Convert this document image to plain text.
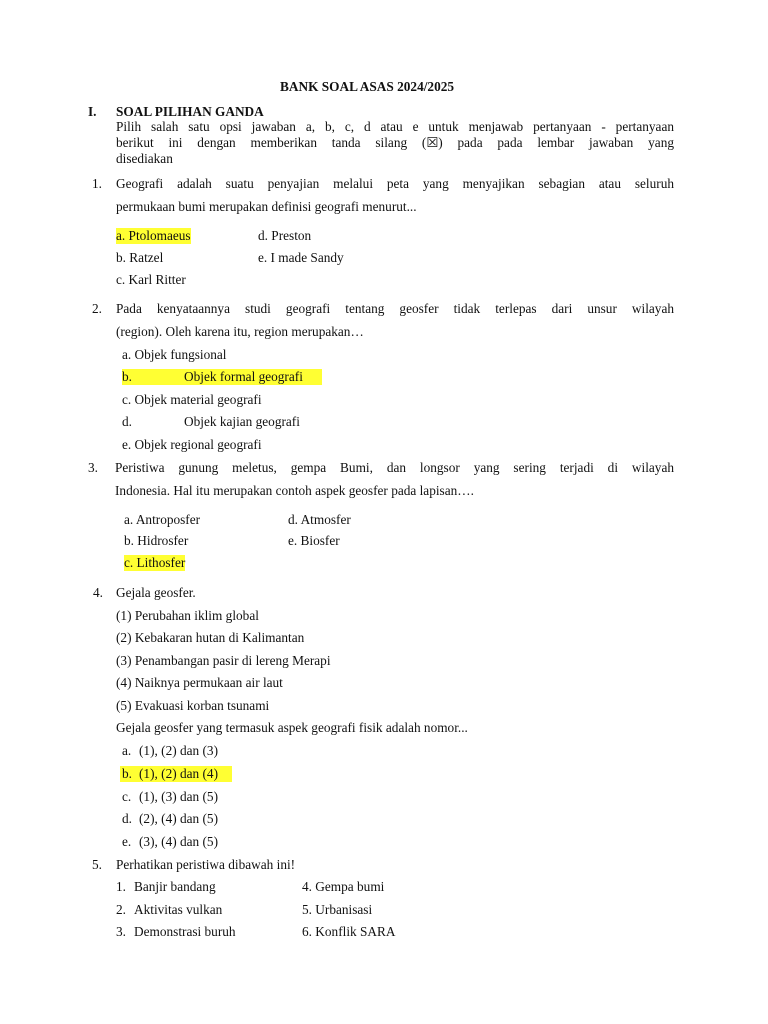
BANK SOAL ASAS 2024/2025
I. SOAL PILIHAN GANDA
Pilih salah satu opsi jawaban a, b, c, d atau e untuk menjawab pertanyaan - pertanyaan
berikut ini dengan memberikan tanda silang (☒) pada pada lembar jawaban yang
disediakan
1. Geografi adalah suatu penyajian melalui peta yang menyajikan sebagian atau seluruh
permukaan bumi merupakan definisi geografi menurut...
a. Ptolomaeus
b. Ratzel
c. Karl Ritter
d. Preston
e. I made Sandy
2. Pada kenyataannya studi geografi tentang geosfer tidak terlepas dari unsur wilayah
(region). Oleh karena itu, region merupakan…
a. Objek fungsional
b.	Objek formal geografi
c. Objek material geografi
d.	Objek kajian geografi
e. Objek regional geografi
3. Peristiwa gunung meletus, gempa Bumi, dan longsor yang sering terjadi di wilayah
Indonesia. Hal itu merupakan contoh aspek geosfer pada lapisan….
a. Antroposfer
b. Hidrosfer
c. Lithosfer
d. Atmosfer
e. Biosfer
4. Gejala geosfer.
(1) Perubahan iklim global
(2) Kebakaran hutan di Kalimantan
(3) Penambangan pasir di lereng Merapi
(4) Naiknya permukaan air laut
(5) Evakuasi korban tsunami
Gejala geosfer yang termasuk aspek geografi fisik adalah nomor...
a. (1), (2) dan (3)
b. (1), (2) dan (4)

c. (1), (3) dan (5)
d. (2), (4) dan (5)
e. (3), (4) dan (5)
5. Perhatikan peristiwa dibawah ini!
1. Banjir bandang
2. Aktivitas vulkan
3. Demonstrasi buruh
4. Gempa bumi
5. Urbanisasi
6. Konflik SARA
